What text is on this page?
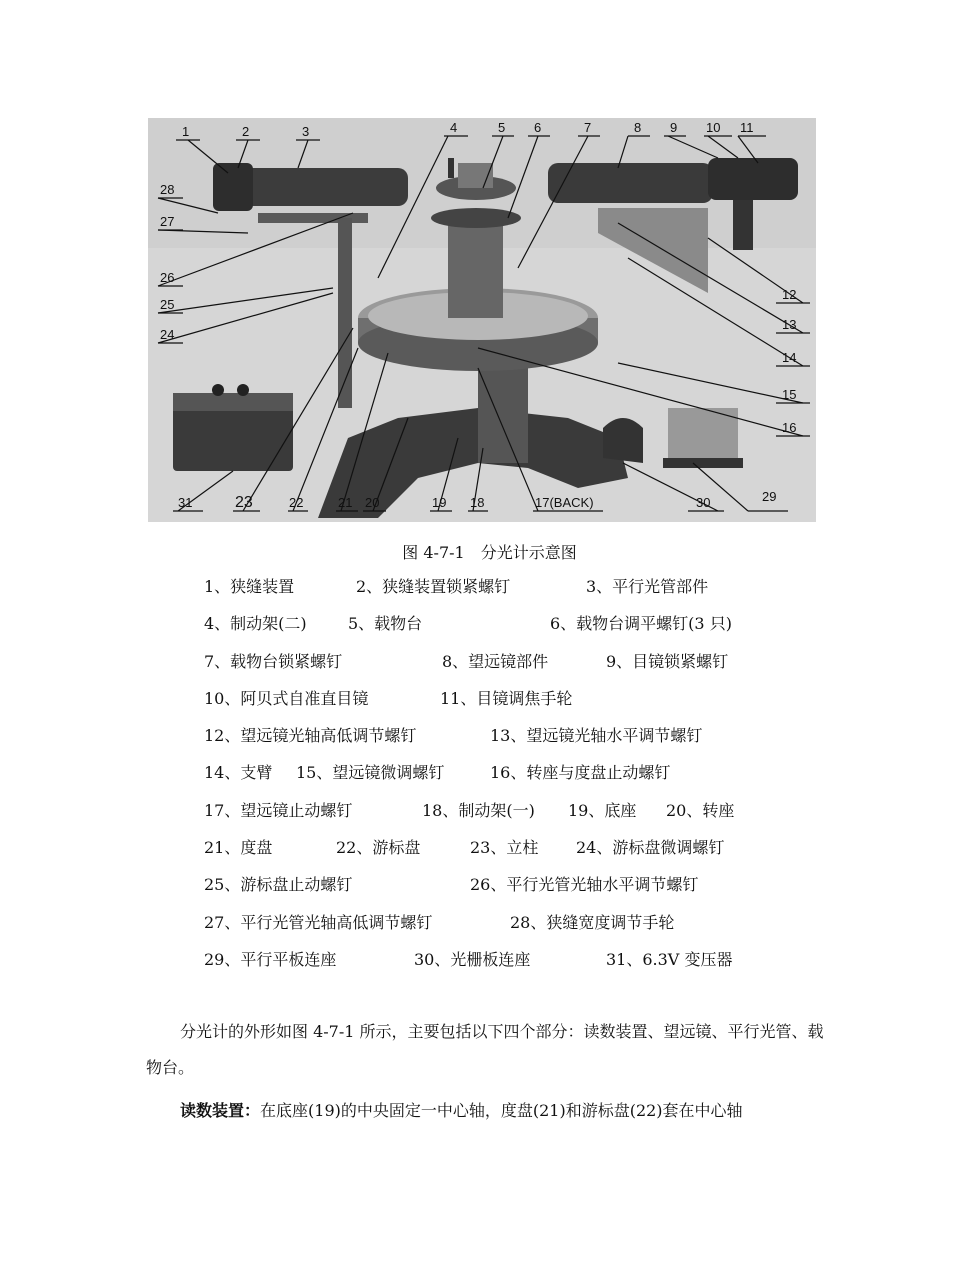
1	2	3	4	5 6	7	8 9 10 11
12
13
14
15
16
17(BACK)
18
19
20
21
22
23
24
25
26
27
28
29
30
31
图 4-7-1　分光计示意图
1、狭缝装置	2、狭缝装置锁紧螺钉	3、平行光管部件
4、制动架(二)	5、载物台	6、载物台调平螺钉(3 只)
7、载物台锁紧螺钉	8、望远镜部件	9、目镜锁紧螺钉
10、阿贝式自准直目镜	11、目镜调焦手轮
12、望远镜光轴高低调节螺钉	13、望远镜光轴水平调节螺钉
14、支臂 15、望远镜微调螺钉	16、转座与度盘止动螺钉
17、望远镜止动螺钉	18、制动架(一) 19、底座 20、转座
21、度盘	22、游标盘	23、立柱 24、游标盘微调螺钉
25、游标盘止动螺钉	26、平行光管光轴水平调节螺钉
27、平行光管光轴高低调节螺钉	28、狭缝宽度调节手轮
29、平行平板连座	30、光栅板连座	31、6.3V 变压器
分光计的外形如图 4-7-1 所示，主要包括以下四个部分：读数装置、望远镜、平行光管、载物台。
读数装置：在底座(19)的中央固定一中心轴，度盘(21)和游标盘(22)套在中心轴
